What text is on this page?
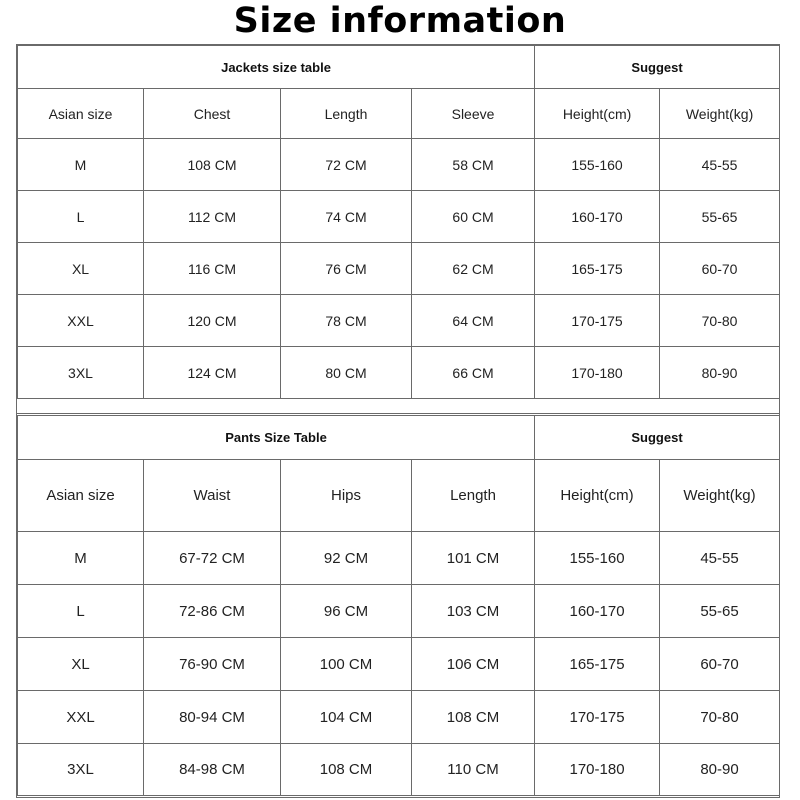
Size information
Jackets size table				Suggest	
Asian size	Chest	Length	Sleeve	Height(cm)	Weight(kg)
M	108 CM	72 CM	58 CM	155-160	45-55
L	112 CM	74 CM	60 CM	160-170	55-65
XL	116 CM	76 CM	62 CM	165-175	60-70
XXL	120 CM	78 CM	64 CM	170-175	70-80
3XL	124 CM	80 CM	66 CM	170-180	80-90
Pants Size Table				Suggest	
Asian size	Waist	Hips	Length	Height(cm)	Weight(kg)
M	67-72 CM	92 CM	101 CM	155-160	45-55
L	72-86 CM	96 CM	103 CM	160-170	55-65
XL	76-90 CM	100 CM	106 CM	165-175	60-70
XXL	80-94 CM	104 CM	108 CM	170-175	70-80
3XL	84-98 CM	108 CM	110 CM	170-180	80-90
